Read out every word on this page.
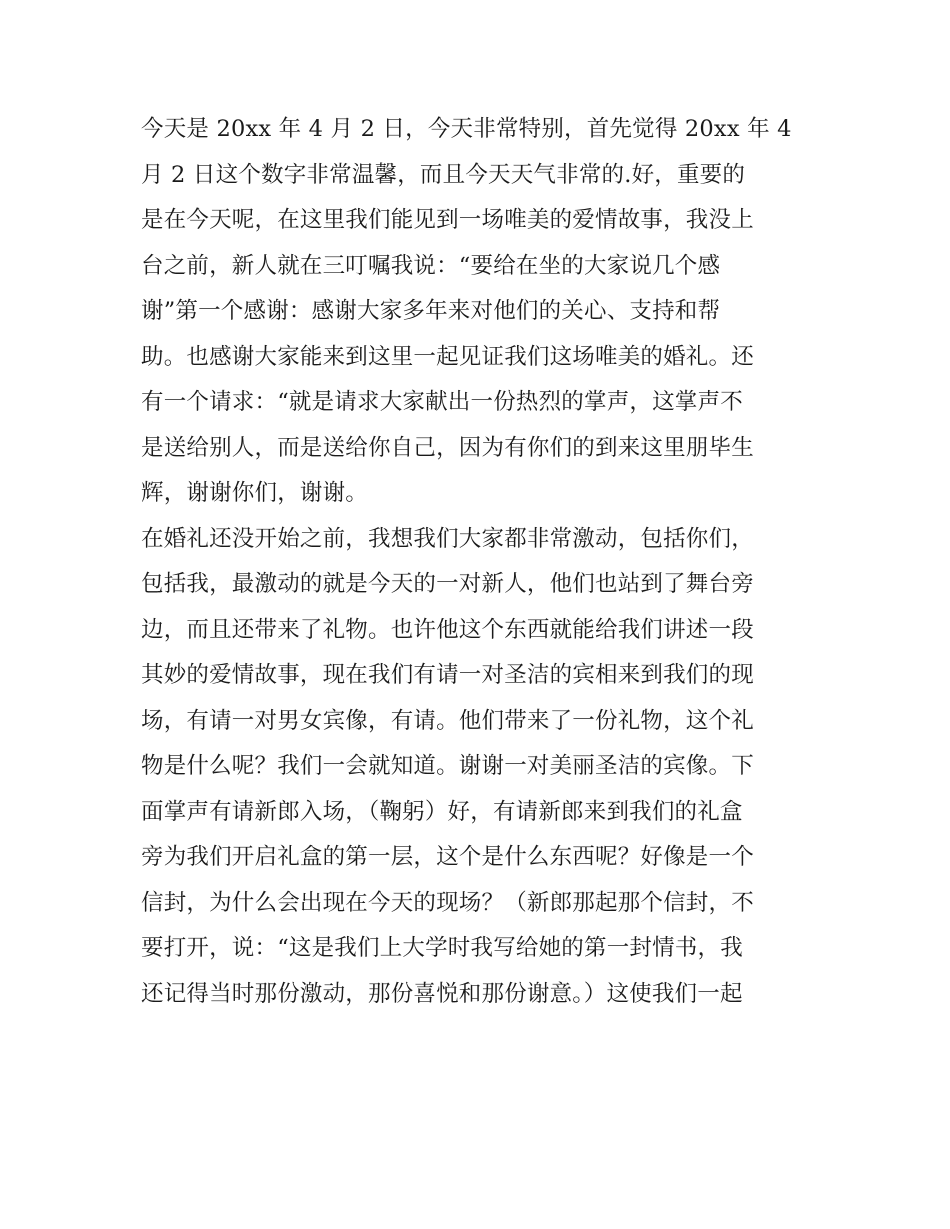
今天是 20xx 年 4 月 2 日，今天非常特别，首先觉得 20xx 年 4
月 2 日这个数字非常温馨，而且今天天气非常的.好，重要的
是在今天呢，在这里我们能见到一场唯美的爱情故事，我没上
台之前，新人就在三叮嘱我说：“要给在坐的大家说几个感
谢”第一个感谢：感谢大家多年来对他们的关心、支持和帮
助。也感谢大家能来到这里一起见证我们这场唯美的婚礼。还
有一个请求：“就是请求大家献出一份热烈的掌声，这掌声不
是送给别人，而是送给你自己，因为有你们的到来这里朋毕生
辉，谢谢你们，谢谢。
在婚礼还没开始之前，我想我们大家都非常激动，包括你们，
包括我，最激动的就是今天的一对新人，他们也站到了舞台旁
边，而且还带来了礼物。也许他这个东西就能给我们讲述一段
其妙的爱情故事，现在我们有请一对圣洁的宾相来到我们的现
场，有请一对男女宾像，有请。他们带来了一份礼物，这个礼
物是什么呢？我们一会就知道。谢谢一对美丽圣洁的宾像。下
面掌声有请新郎入场，（鞠躬）好，有请新郎来到我们的礼盒
旁为我们开启礼盒的第一层，这个是什么东西呢？好像是一个
信封，为什么会出现在今天的现场？（新郎那起那个信封，不
要打开，说：“这是我们上大学时我写给她的第一封情书，我
还记得当时那份激动，那份喜悦和那份谢意。）这使我们一起
